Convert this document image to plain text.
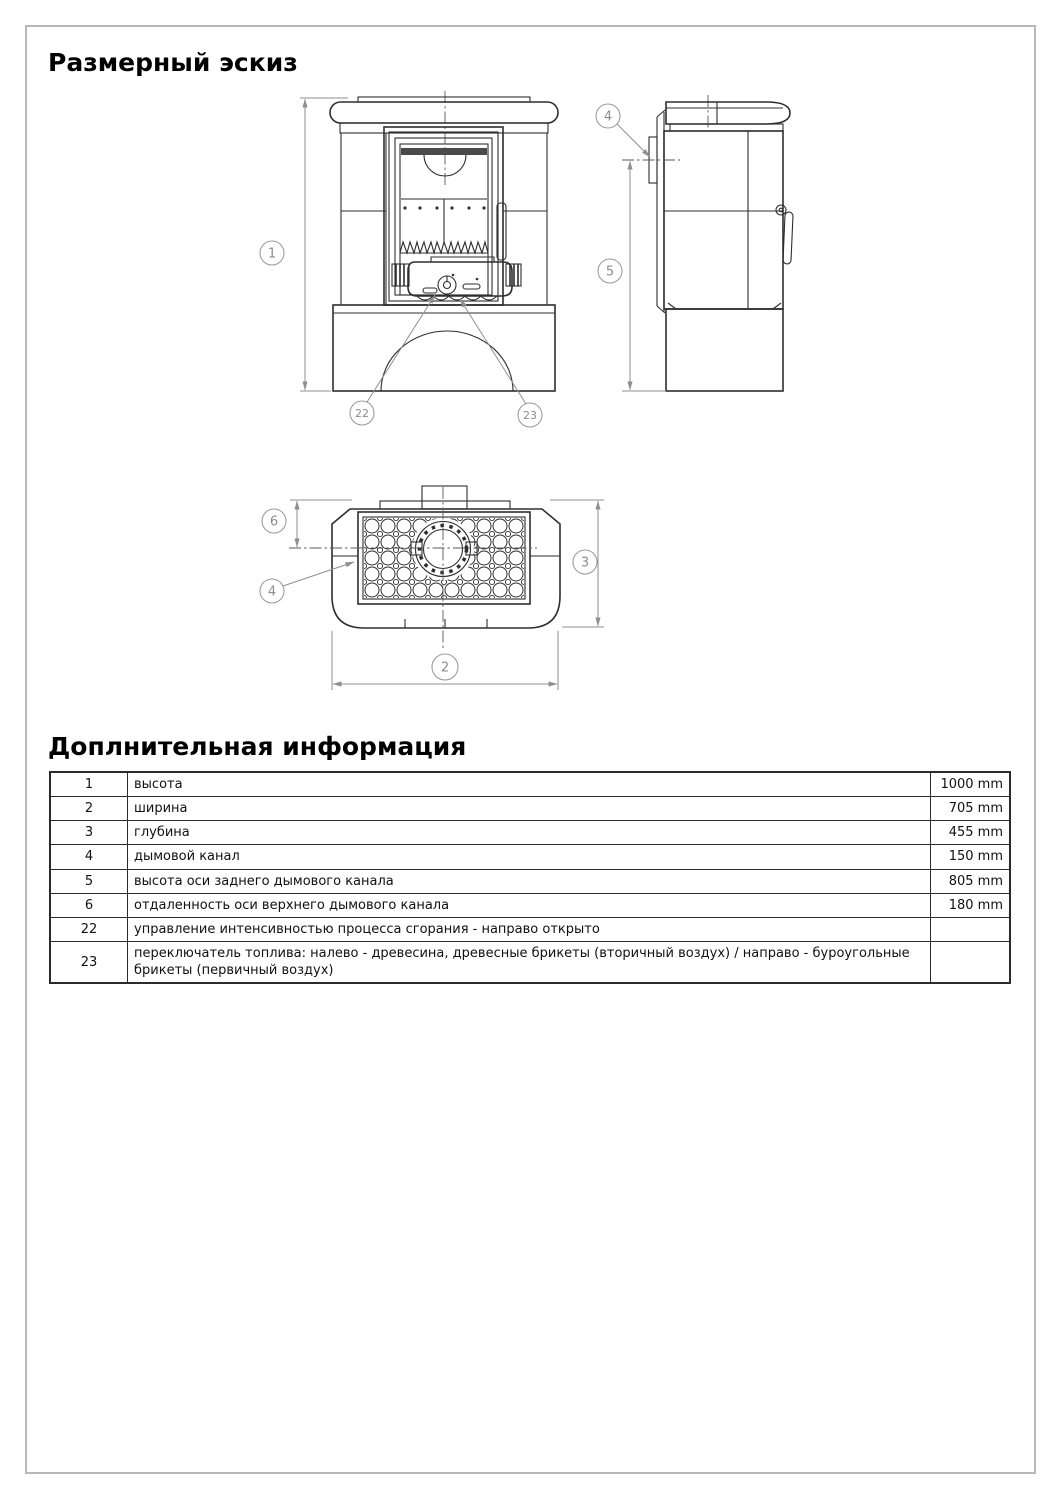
Размерный эскиз
1
22	23
4
5
6
4
3
2
Доплнительная информация
1	высота	1000 mm
2	ширина	705 mm
3	глубина	455 mm
4	дымовой канал	150 mm
5	высота оси заднего дымового канала	805 mm
6	отдаленность оси верхнего дымового канала	180 mm
22	управление интенсивностью процесса сгорания - направо открыто	
23	переключатель топлива: налево - древесина, древесные брикеты (вторичный воздух) / направо - буроугольные брикеты (первичный воздух)	
